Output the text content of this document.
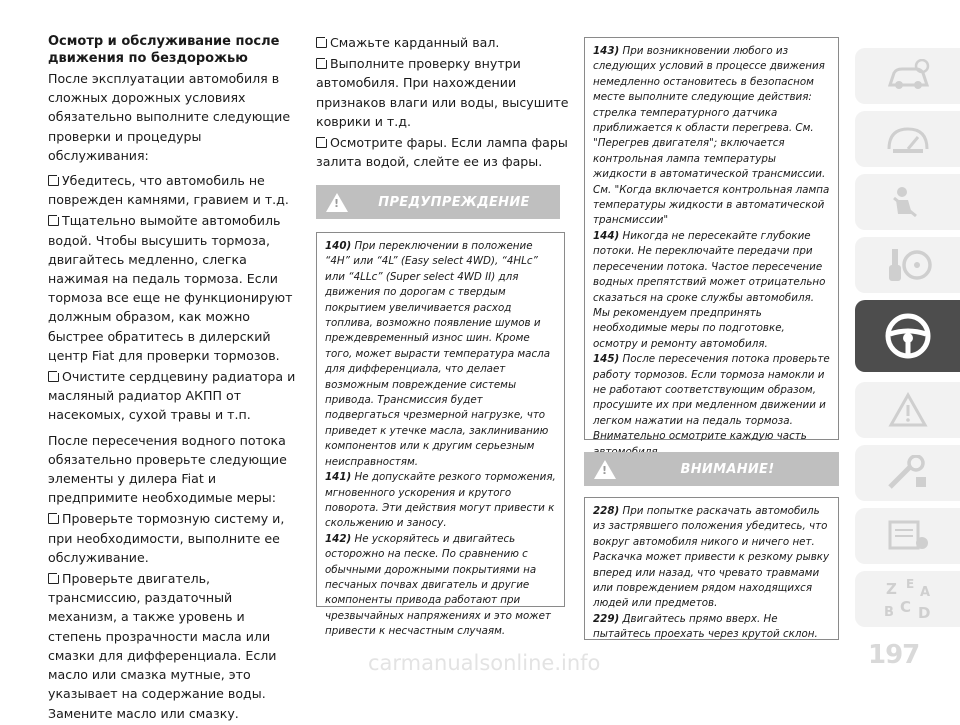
Осмотр и обслуживание после движения по бездорожью
После эксплуатации автомобиля в сложных дорожных условиях обязательно выполните следующие проверки и процедуры обслуживания:
Убедитесь, что автомобиль не поврежден камнями, гравием и т.д.
Тщательно вымойте автомобиль водой. Чтобы высушить тормоза, двигайтесь медленно, слегка нажимая на педаль тормоза. Если тормоза все еще не функционируют должным образом, как можно быстрее обратитесь в дилерский центр Fiat для проверки тормозов.
Очистите сердцевину радиатора и масляный радиатор АКПП от насекомых, сухой травы и т.п.
После пересечения водного потока обязательно проверьте следующие элементы у дилера Fiat и предпримите необходимые меры:
Проверьте тормозную систему и, при необходимости, выполните ее обслуживание.
Проверьте двигатель, трансмиссию, раздаточный механизм, а также уровень и степень прозрачности масла или смазки для дифференциала. Если масло или смазка мутные, это указывает на содержание воды. Замените масло или смазку.
Смажьте карданный вал.
Выполните проверку внутри автомобиля. При нахождении признаков влаги или воды, высушите коврики и т.д.
Осмотрите фары. Если лампа фары залита водой, слейте ее из фары.
!
ПРЕДУПРЕЖДЕНИЕ
140) При переключении в положение “4H” или “4L” (Easy select 4WD), “4HLc” или “4LLc” (Super select 4WD II) для движения по дорогам с твердым покрытием увеличивается расход топлива, возможно появление шумов и преждевременный износ шин. Кроме того, может вырасти температура масла для дифференциала, что делает возможным повреждение системы привода. Трансмиссия будет подвергаться чрезмерной нагрузке, что приведет к утечке масла, заклиниванию компонентов или к другим серьезным неисправностям.
141) Не допускайте резкого торможения, мгновенного ускорения и крутого поворота. Эти действия могут привести к скольжению и заносу.
142) Не ускоряйтесь и двигайтесь осторожно на песке. По сравнению с обычными дорожными покрытиями на песчаных почвах двигатель и другие компоненты привода работают при чрезвычайных напряжениях и это может привести к несчастным случаям.
143) При возникновении любого из следующих условий в процессе движения немедленно остановитесь в безопасном месте выполните следующие действия: стрелка температурного датчика приближается к области перегрева. См. "Перегрев двигателя"; включается контрольная лампа температуры жидкости в автоматической трансмиссии. См. "Когда включается контрольная лампа температуры жидкости в автоматической трансмиссии"
144) Никогда не пересекайте глубокие потоки. Не переключайте передачи при пересечении потока. Частое пересечение водных препятствий может отрицательно сказаться на сроке службы автомобиля. Мы рекомендуем предпринять необходимые меры по подготовке, осмотру и ремонту автомобиля.
145) После пересечения потока проверьте работу тормозов. Если тормоза намокли и не работают соответствующим образом, просушите их при медленном движении и легком нажатии на педаль тормоза. Внимательно осмотрите каждую часть
!
ВНИМАНИЕ!
228) При попытке раскачать автомобиль из застрявшего положения убедитесь, что вокруг автомобиля никого и ничего нет. Раскачка может привести к резкому рывку вперед или назад, что чревато травмами или повреждением рядом находящихся людей или предметов.
229) Двигайтесь прямо вверх. Не пытайтесь проехать через крутой склон.
Z E
A
B C D
197
carmanualsonline.info
